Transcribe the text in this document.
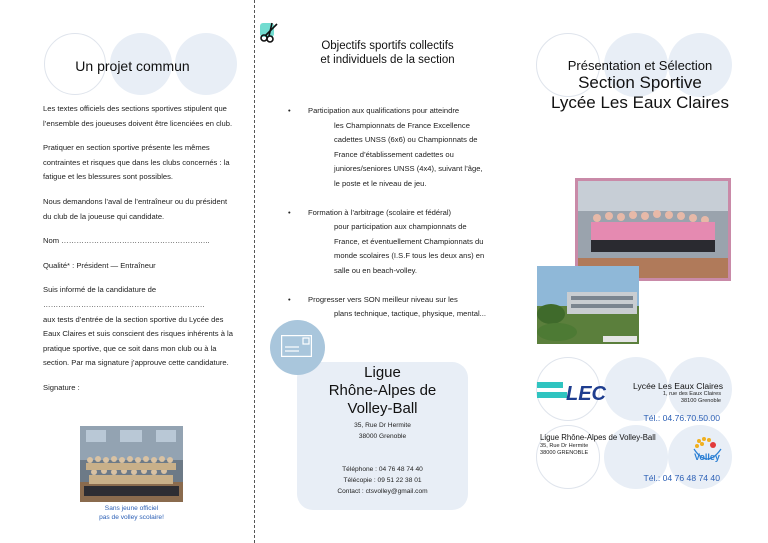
Un projet commun

Les textes officiels des sections sportives stipulent que l’ensemble des joueuses doivent être licenciées en club.

Pratiquer en section sportive présente les mêmes contraintes et risques que dans les clubs concernés : la fatigue et les blessures sont possibles.

Nous demandons l’aval de l’entraîneur ou du président du club de la joueuse qui candidate.

Nom …………………………………………………..

Qualité* : Président — Entraîneur

Suis informé de la candidature de

……………………………………………………….

aux tests d’entrée de la section sportive du Lycée des Eaux Claires et suis conscient des risques inhérents à la pratique sportive, que ce soit dans mon club ou à la section. Par ma signature j’approuve cette candidature.

Signature :

Sans jeune officiel
pas de volley scolaire!
Objectifs sportifs collectifs
et individuels de la section
• Participation aux qualifications pour atteindre
les Championnats de France Excellence cadettes UNSS (6x6) ou Championnats de France d’établissement cadettes ou juniores/seniores UNSS (4x4), suivant l’âge, le poste et le niveau de jeu.
• Formation à l’arbitrage (scolaire et fédéral)
pour participation aux championnats de France, et éventuellement Championnats du monde scolaires (I.S.F tous les deux ans) en salle ou en beach-volley.
• Progresser vers SON meilleur niveau sur les
plans technique, tactique, physique, mental...
Ligue
Rhône-Alpes de
Volley-Ball
35, Rue Dr Hermite
38000 Grenoble
Téléphone : 04 76 48 74 40
Télécopie : 09 51 22 38 01
Contact : ctsvolley@gmail.com
Présentation et Sélection
Section Sportive
Lycée Les Eaux Claires
LEC	Lycée Les Eaux Claires
1, rue des Eaux Claires
38100 Grenoble
Tél.: 04.76.70.50.00
Ligue Rhône-Alpes de Volley-Ball
35, Rue Dr Hermite
38000 GRENOBLE	Volley
Tél.: 04 76 48 74 40
